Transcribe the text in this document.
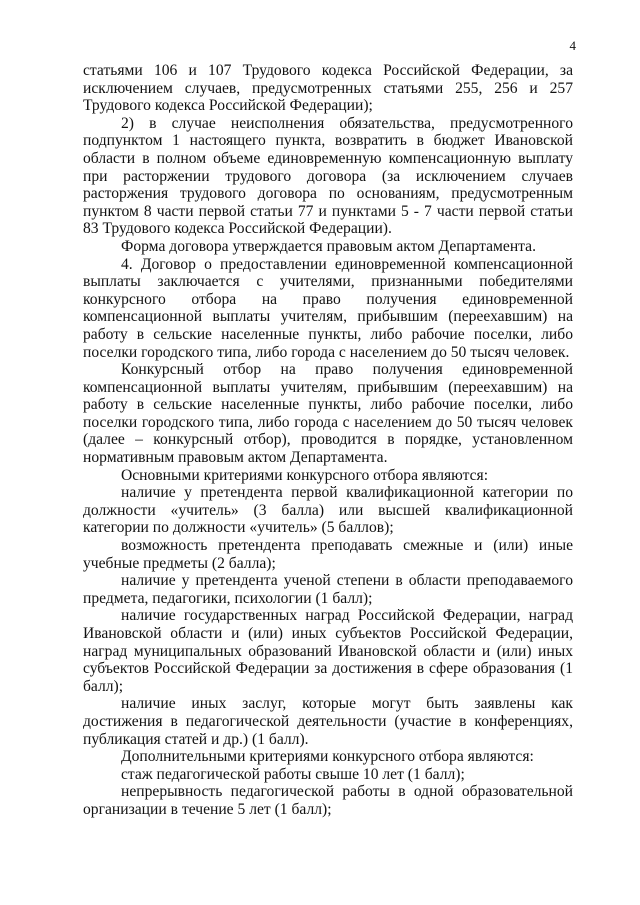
4

статьями 106 и 107 Трудового кодекса Российской Федерации, за исключением случаев, предусмотренных статьями 255, 256 и 257 Трудового кодекса Российской Федерации);

2) в случае неисполнения обязательства, предусмотренного подпунктом 1 настоящего пункта, возвратить в бюджет Ивановской области в полном объеме единовременную компенсационную выплату при расторжении трудового договора (за исключением случаев расторжения трудового договора по основаниям, предусмотренным пунктом 8 части первой статьи 77 и пунктами 5 - 7 части первой статьи 83 Трудового кодекса Российской Федерации).

Форма договора утверждается правовым актом Департамента.

4. Договор о предоставлении единовременной компенсационной выплаты заключается с учителями, признанными победителями конкурсного отбора на право получения единовременной компенсационной выплаты учителям, прибывшим (переехавшим) на работу в сельские населенные пункты, либо рабочие поселки, либо поселки городского типа, либо города с населением до 50 тысяч человек.

Конкурсный отбор на право получения единовременной компенсационной выплаты учителям, прибывшим (переехавшим) на работу в сельские населенные пункты, либо рабочие поселки, либо поселки городского типа, либо города с населением до 50 тысяч человек (далее – конкурсный отбор), проводится в порядке, установленном нормативным правовым актом Департамента.

Основными критериями конкурсного отбора являются:

наличие у претендента первой квалификационной категории по должности «учитель» (3 балла) или высшей квалификационной категории по должности «учитель» (5 баллов);

возможность претендента преподавать смежные и (или) иные учебные предметы (2 балла);

наличие у претендента ученой степени в области преподаваемого предмета, педагогики, психологии (1 балл);

наличие государственных наград Российской Федерации, наград Ивановской области и (или) иных субъектов Российской Федерации, наград муниципальных образований Ивановской области и (или) иных субъектов Российской Федерации за достижения в сфере образования (1 балл);

наличие иных заслуг, которые могут быть заявлены как достижения в педагогической деятельности (участие в конференциях, публикация статей и др.) (1 балл).

Дополнительными критериями конкурсного отбора являются:

стаж педагогической работы свыше 10 лет (1 балл);

непрерывность педагогической работы в одной образовательной организации в течение 5 лет (1 балл);
